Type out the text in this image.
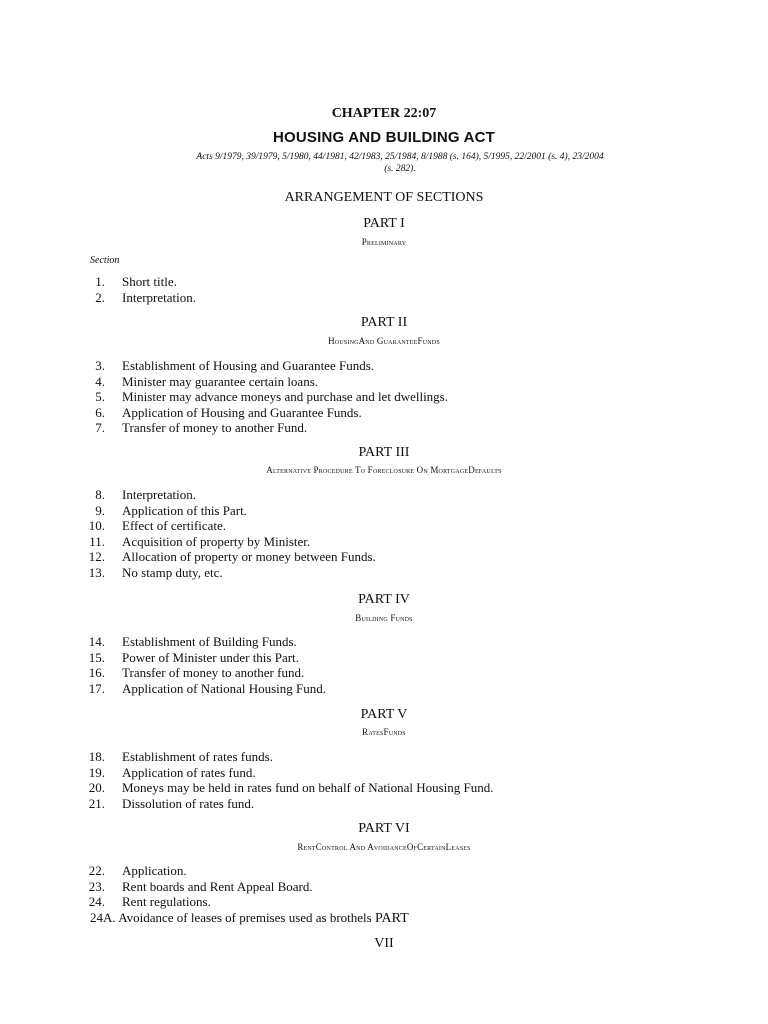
CHAPTER 22:07
HOUSING AND BUILDING ACT
Acts 9/1979, 39/1979, 5/1980, 44/1981, 42/1983, 25/1984, 8/1988 (s. 164), 5/1995, 22/2001 (s. 4), 23/2004
(s. 282).
ARRANGEMENT OF SECTIONS
PART I
Preliminary
Section
1. Short title.
2. Interpretation.
PART II
HousingAnd GuaranteeFunds
3. Establishment of Housing and Guarantee Funds.
4. Minister may guarantee certain loans.
5. Minister may advance moneys and purchase and let dwellings.
6. Application of Housing and Guarantee Funds.
7. Transfer of money to another Fund.
PART III
Alternative Procedure To Foreclosure On MortgageDefaults
8. Interpretation.
9. Application of this Part.
10. Effect of certificate.
11. Acquisition of property by Minister.
12. Allocation of property or money between Funds.
13. No stamp duty, etc.
PART IV
Building Funds
14. Establishment of Building Funds.
15. Power of Minister under this Part.
16. Transfer of money to another fund.
17. Application of National Housing Fund.
PART V
RatesFunds
18. Establishment of rates funds.
19. Application of rates fund.
20. Moneys may be held in rates fund on behalf of National Housing Fund.
21. Dissolution of rates fund.
PART VI
RentControl And AvoidanceOfCertainLeases
22. Application.
23. Rent boards and Rent Appeal Board.
24. Rent regulations.
24A. Avoidance of leases of premises used as brothels PART
VII
